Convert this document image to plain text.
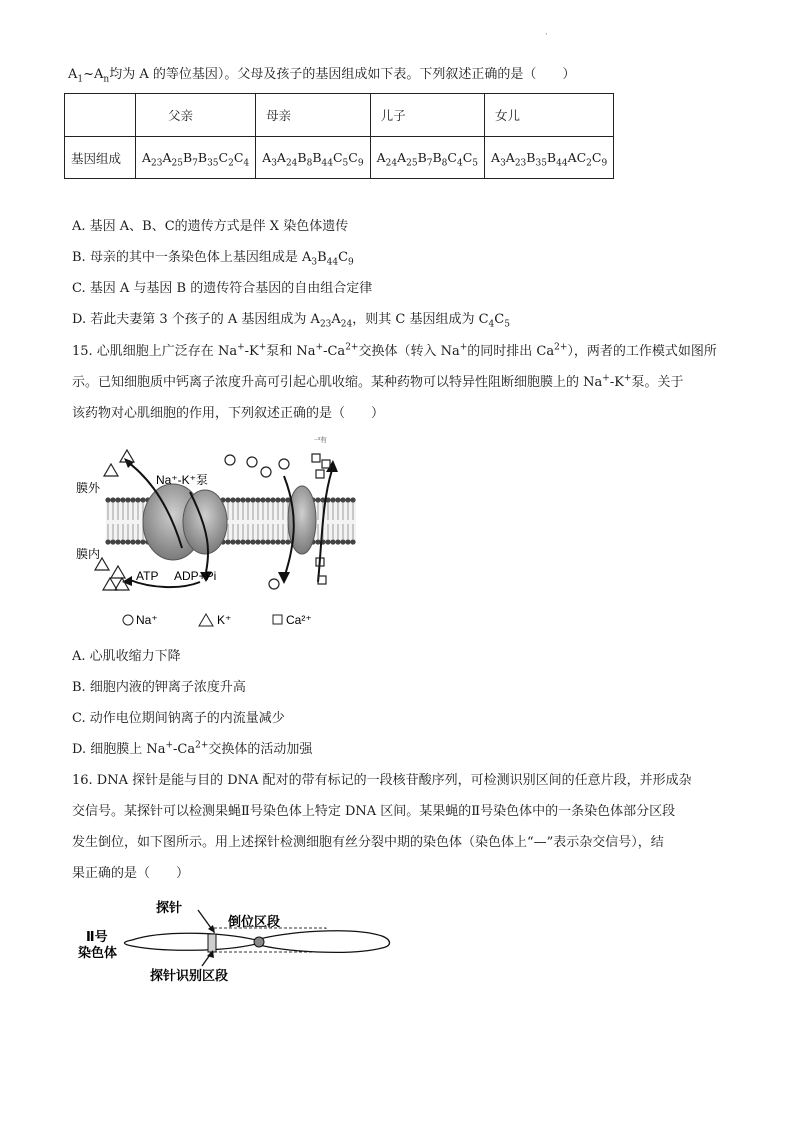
·
$A_1\sim A_n$均为 A 的等位基因）。父母及孩子的基因组成如下表。下列叙述正确的是（　　）
	父亲	母亲	儿子	女儿
基因组成	$A_{23}A_{25}B_7B_{35}C_2C_4$	$A_3A_{24}B_8B_{44}C_5C_9$	$A_{24}A_{25}B_7B_8C_4C_5$	$A_3A_{23}B_{35}B_{44}AC_2C_9$
A. 基因 A、B、C的遗传方式是伴 X 染色体遗传
B. 母亲的其中一条染色体上基因组成是 $A_3B_{44}C_9$
C. 基因 A 与基因 B 的遗传符合基因的自由组合定律
D. 若此夫妻第 3 个孩子的 A 基因组成为 $A_{23}A_{24}$，则其 C 基因组成为 $C_4C_5$
15. 心肌细胞上广泛存在 Na+-K+泵和 $Na^+-Ca^{2+}$交换体（转入 Na+的同时排出 $Ca^{2+}$），两者的工作模式如图所
示。已知细胞质中钙离子浓度升高可引起心肌收缩。某种药物可以特异性阻断细胞膜上的 Na+-K+泵。关于
该药物对心肌细胞的作用，下列叙述正确的是（　　）
膜外
膜内
Na⁺-K⁺泵
ATP ADP+Pi
ᐧᐧ³有
Na⁺	K⁺	Ca²⁺
A. 心肌收缩力下降
B. 细胞内液的钾离子浓度升高
C. 动作电位期间钠离子的内流量减少
D. 细胞膜上 $Na^+-Ca^{2+}$交换体的活动加强
16. DNA 探针是能与目的 DNA 配对的带有标记的一段核苷酸序列，可检测识别区间的任意片段，并形成杂
交信号。某探针可以检测果蝇Ⅱ号染色体上特定 DNA 区间。某果蝇的Ⅱ号染色体中的一条染色体部分区段
发生倒位，如下图所示。用上述探针检测细胞有丝分裂中期的染色体（染色体上“—”表示杂交信号），结
果正确的是（　　）
探针
倒位区段
Ⅱ号
染色体
探针识别区段
